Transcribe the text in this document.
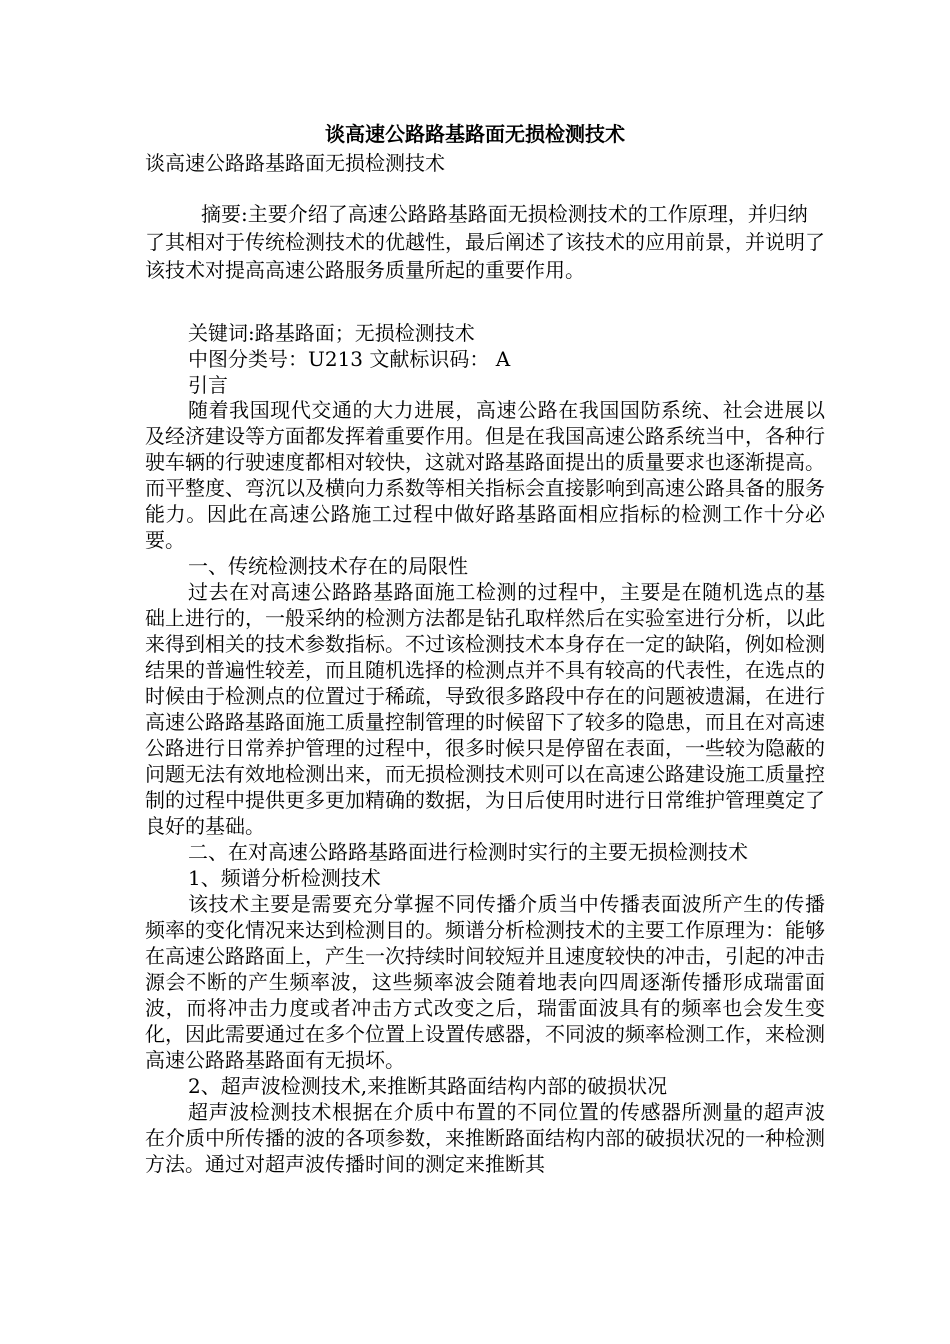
谈高速公路路基路面无损检测技术
谈高速公路路基路面无损检测技术
摘要:主要介绍了高速公路路基路面无损检测技术的工作原理，并归纳了其相对于传统检测技术的优越性，最后阐述了该技术的应用前景，并说明了该技术对提高高速公路服务质量所起的重要作用。

关键词:路基路面；无损检测技术

中图分类号：U213 文献标识码： A

引言

随着我国现代交通的大力进展，高速公路在我国国防系统、社会进展以及经济建设等方面都发挥着重要作用。但是在我国高速公路系统当中，各种行驶车辆的行驶速度都相对较快，这就对路基路面提出的质量要求也逐渐提高。而平整度、弯沉以及横向力系数等相关指标会直接影响到高速公路具备的服务能力。因此在高速公路施工过程中做好路基路面相应指标的检测工作十分必要。

一、传统检测技术存在的局限性

过去在对高速公路路基路面施工检测的过程中，主要是在随机选点的基础上进行的，一般采纳的检测方法都是钻孔取样然后在实验室进行分析，以此来得到相关的技术参数指标。不过该检测技术本身存在一定的缺陷，例如检测结果的普遍性较差，而且随机选择的检测点并不具有较高的代表性，在选点的时候由于检测点的位置过于稀疏，导致很多路段中存在的问题被遗漏，在进行高速公路路基路面施工质量控制管理的时候留下了较多的隐患，而且在对高速公路进行日常养护管理的过程中，很多时候只是停留在表面，一些较为隐蔽的问题无法有效地检测出来，而无损检测技术则可以在高速公路建设施工质量控制的过程中提供更多更加精确的数据，为日后使用时进行日常维护管理奠定了良好的基础。

二、在对高速公路路基路面进行检测时实行的主要无损检测技术

1、频谱分析检测技术

该技术主要是需要充分掌握不同传播介质当中传播表面波所产生的传播频率的变化情况来达到检测目的。频谱分析检测技术的主要工作原理为：能够在高速公路路面上，产生一次持续时间较短并且速度较快的冲击，引起的冲击源会不断的产生频率波，这些频率波会随着地表向四周逐渐传播形成瑞雷面波，而将冲击力度或者冲击方式改变之后，瑞雷面波具有的频率也会发生变化，因此需要通过在多个位置上设置传感器，不同波的频率检测工作，来检测高速公路路基路面有无损坏。

2、超声波检测技术,来推断其路面结构内部的破损状况

超声波检测技术根据在介质中布置的不同位置的传感器所测量的超声波在介质中所传播的波的各项参数，来推断路面结构内部的破损状况的一种检测方法。通过对超声波传播时间的测定来推断其
